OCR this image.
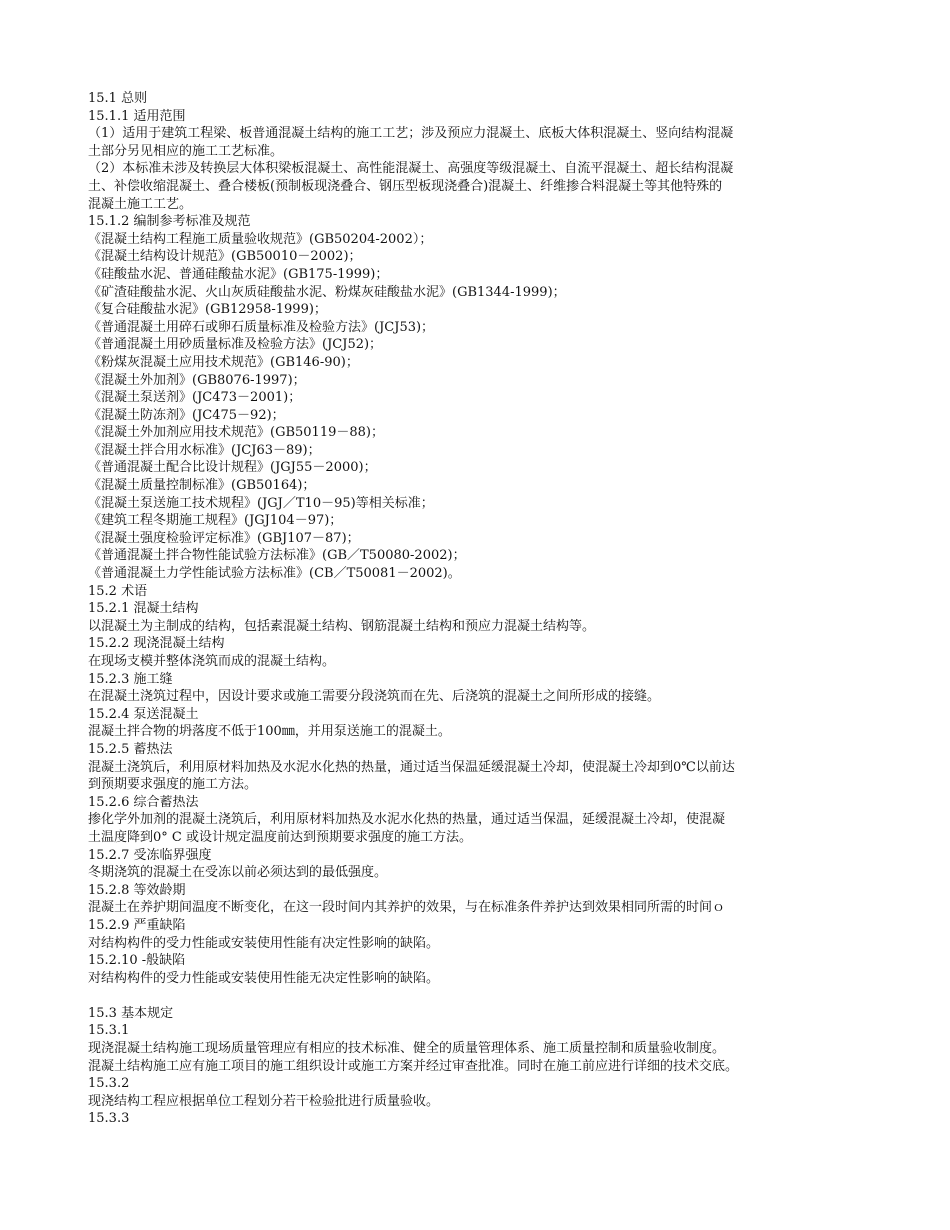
15.1 总则
15.1.1 适用范围
（1）适用于建筑工程梁、板普通混凝土结构的施工工艺；涉及预应力混凝土、底板大体积混凝土、竖向结构混凝
土部分另见相应的施工工艺标准。
（2）本标准未涉及转换层大体积梁板混凝土、高性能混凝土、高强度等级混凝土、自流平混凝土、超长结构混凝
土、补偿收缩混凝土、叠合楼板(预制板现浇叠合、钢压型板现浇叠合)混凝土、纤维掺合料混凝土等其他特殊的
混凝土施工工艺。
15.1.2 编制参考标准及规范
《混凝土结构工程施工质量验收规范》(GB50204-2002）；
《混凝土结构设计规范》(GB50010－2002)；
《硅酸盐水泥、普通硅酸盐水泥》(GB175-1999)；
《矿渣硅酸盐水泥、火山灰质硅酸盐水泥、粉煤灰硅酸盐水泥》(GB1344-1999)；
《复合硅酸盐水泥》(GB12958-1999)；
《普通混凝土用碎石或卵石质量标准及检验方法》(JCJ53)；
《普通混凝土用砂质量标准及检验方法》(JCJ52)；
《粉煤灰混凝土应用技术规范》(GB146-90)；
《混凝土外加剂》(GB8076-1997)；
《混凝土泵送剂》(JC473－2001)；
《混凝土防冻剂》(JC475－92)；
《混凝土外加剂应用技术规范》(GB50119－88)；
《混凝土拌合用水标准》(JCJ63－89)；
《普通混凝土配合比设计规程》(JGJ55－2000)；
《混凝土质量控制标准》(GB50164)；
《混凝土泵送施工技术规程》(JGJ／T10－95)等相关标准；
《建筑工程冬期施工规程》(JGJ104－97)；
《混凝土强度检验评定标准》(GBJ107－87)；
《普通混凝土拌合物性能试验方法标准》(GB／T50080-2002)；
《普通混凝土力学性能试验方法标准》(CB／T50081－2002)。
15.2 术语
15.2.1 混凝土结构
以混凝土为主制成的结构，包括素混凝土结构、钢筋混凝土结构和预应力混凝土结构等。
15.2.2 现浇混凝土结构
在现场支模并整体浇筑而成的混凝土结构。
15.2.3 施工缝
在混凝土浇筑过程中，因设计要求或施工需要分段浇筑而在先、后浇筑的混凝土之间所形成的接缝。
15.2.4 泵送混凝土
混凝土拌合物的坍落度不低于100㎜，并用泵送施工的混凝土。
15.2.5 蓄热法
混凝土浇筑后，利用原材料加热及水泥水化热的热量，通过适当保温延缓混凝土冷却，使混凝土冷却到0℃以前达
到预期要求强度的施工方法。
15.2.6 综合蓄热法
掺化学外加剂的混凝土浇筑后，利用原材料加热及水泥水化热的热量，通过适当保温，延缓混凝土冷却，使混凝
土温度降到0° C 或设计规定温度前达到预期要求强度的施工方法。
15.2.7 受冻临界强度
冬期浇筑的混凝土在受冻以前必须达到的最低强度。
15.2.8 等效龄期
混凝土在养护期间温度不断变化，在这一段时间内其养护的效果，与在标准条件养护达到效果相同所需的时间ｏ
15.2.9 严重缺陷
对结构构件的受力性能或安装使用性能有决定性影响的缺陷。
15.2.10 -般缺陷
对结构构件的受力性能或安装使用性能无决定性影响的缺陷。
15.3 基本规定
15.3.1
现浇混凝土结构施工现场质量管理应有相应的技术标准、健全的质量管理体系、施工质量控制和质量验收制度。
混凝土结构施工应有施工项目的施工组织设计或施工方案并经过审查批准。同时在施工前应进行详细的技术交底。
15.3.2
现浇结构工程应根据单位工程划分若干检验批进行质量验收。
15.3.3
